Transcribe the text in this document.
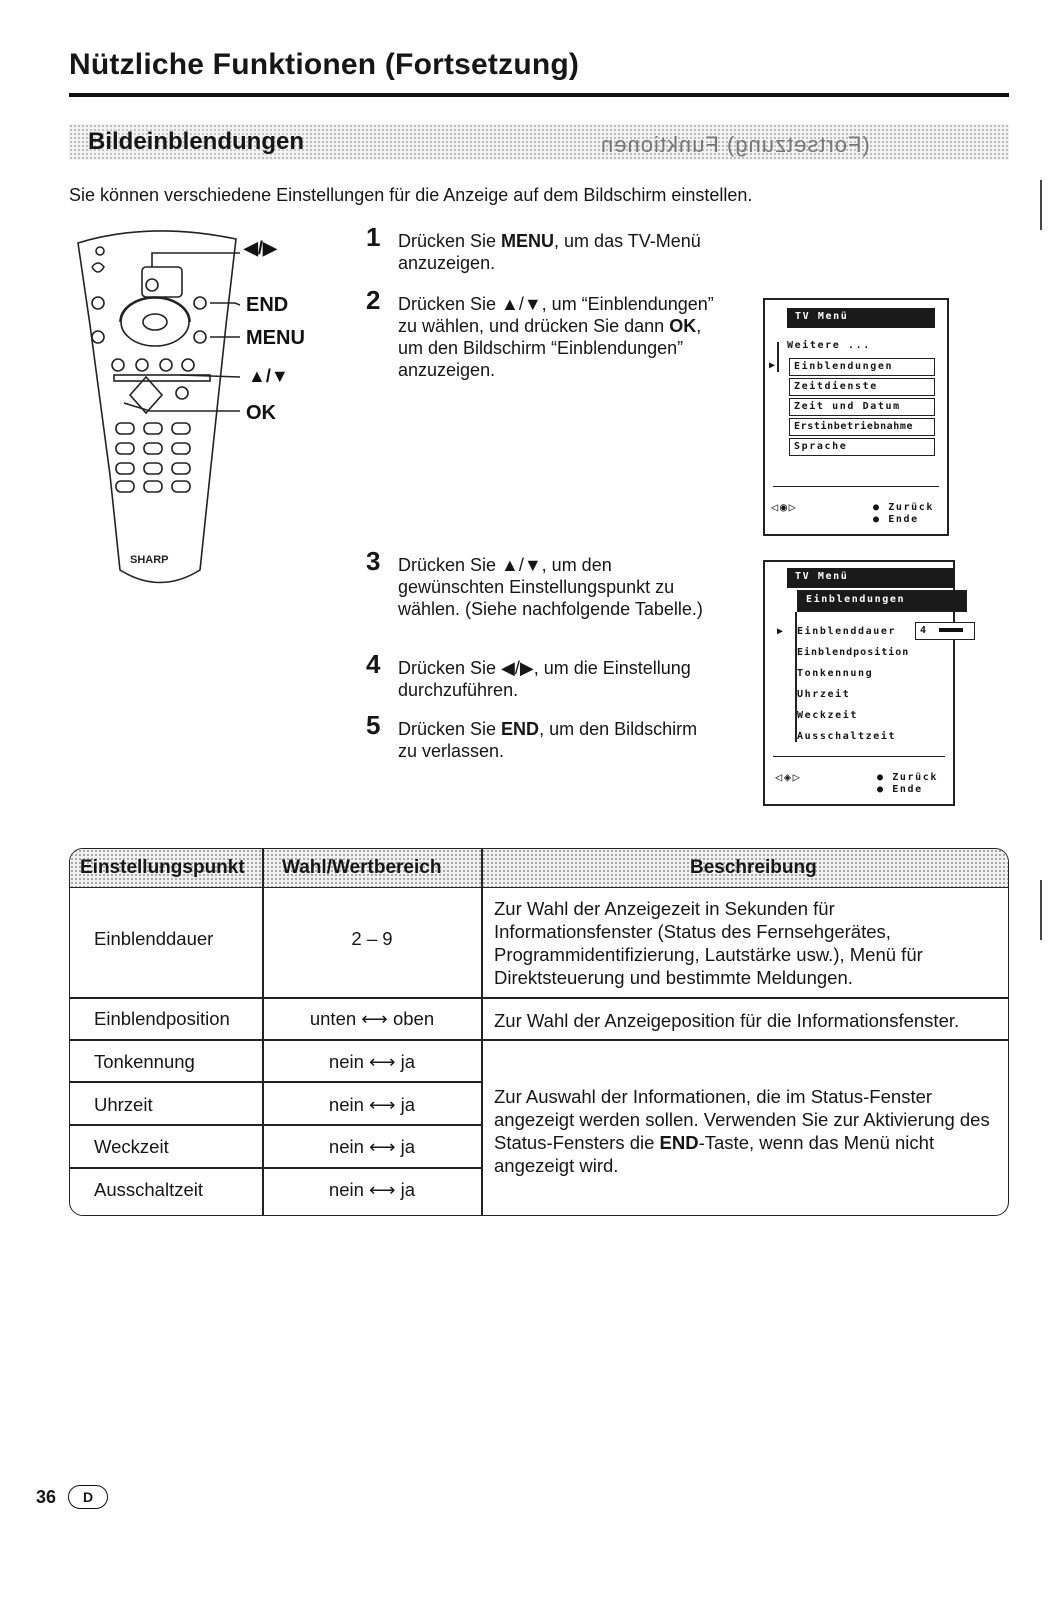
Nützliche Funktionen (Fortsetzung)
Bildeinblendungen	(Fortsetzung) Funktionen
Sie können verschiedene Einstellungen für die Anzeige auf dem Bildschirm einstellen.
SHARP
◀/▶
END
MENU
▲/▼
OK
1 Drücken Sie MENU, um das TV-Menü anzuzeigen.
2 Drücken Sie ▲/▼, um “Einblendungen” zu wählen, und drücken Sie dann OK, um den Bildschirm “Einblendungen” anzuzeigen.
3 Drücken Sie ▲/▼, um den gewünschten Einstellungspunkt zu wählen. (Siehe nachfolgende Tabelle.)
4 Drücken Sie ◀/▶, um die Einstellung durchzuführen.
5 Drücken Sie END, um den Bildschirm zu verlassen.
TV Menü
Weitere ...
▶	Einblendungen
Zeitdienste
Zeit und Datum
Erstinbetriebnahme
Sprache
◁◉▷	● Zurück
● Ende
TV Menü
Einblendungen
▶ Einblenddauer	4
Einblendposition
Tonkennung
Uhrzeit
Weckzeit
Ausschaltzeit
◁◈▷	● Zurück
● Ende
Einstellungspunkt Wahl/Wertbereich	Beschreibung
Einblenddauer	2 – 9
Zur Wahl der Anzeigezeit in Sekunden für Informationsfenster (Status des Fernsehgerätes, Programmidentifizierung, Lautstärke usw.), Menü für Direktsteuerung und bestimmte Meldungen.
Einblendposition	unten ⟷ oben	Zur Wahl der Anzeigeposition für die Informationsfenster.
Tonkennung	nein ⟷ ja
Uhrzeit	nein ⟷ ja
Weckzeit	nein ⟷ ja
Ausschaltzeit	nein ⟷ ja
Zur Auswahl der Informationen, die im Status-Fenster angezeigt werden sollen. Verwenden Sie zur Aktivierung des Status-Fensters die END-Taste, wenn das Menü nicht angezeigt wird.
36	D
